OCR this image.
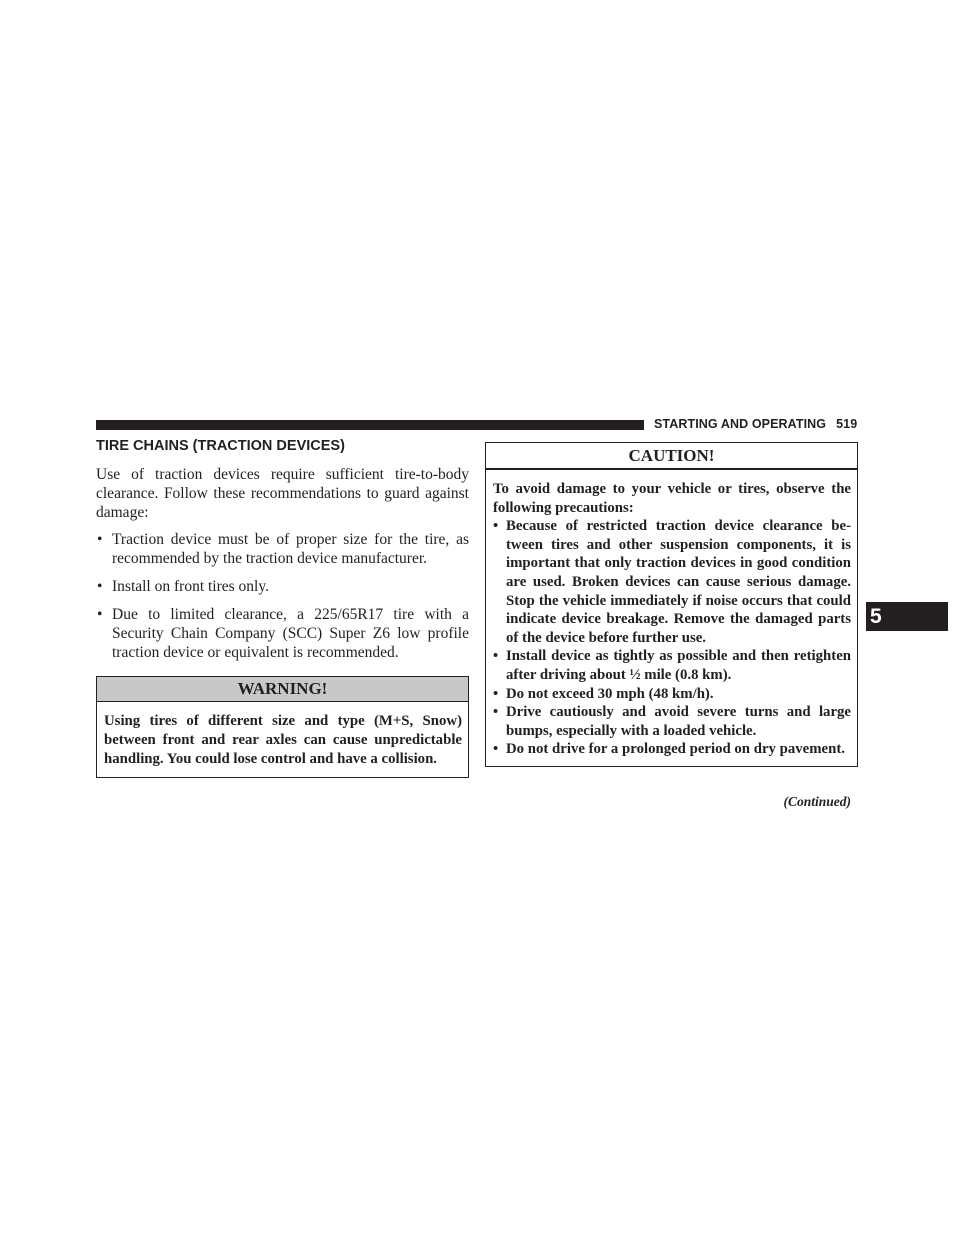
STARTING AND OPERATING 519
TIRE CHAINS (TRACTION DEVICES)

Use of traction devices require sufficient tire-to-body clearance. Follow these recommendations to guard against damage:

• Traction device must be of proper size for the tire, as recommended by the traction device manufacturer.
• Install on front tires only.
• Due to limited clearance, a 225/65R17 tire with a Security Chain Company (SCC) Super Z6 low profile traction device or equivalent is recommended.
WARNING!
Using tires of different size and type (M+S, Snow) between front and rear axles can cause unpredictable handling. You could lose control and have a collision.
CAUTION!

To avoid damage to your vehicle or tires, observe the following precautions:

• Because of restricted traction device clearance between tires and other suspension components, it is important that only traction devices in good condition are used. Broken devices can cause serious damage. Stop the vehicle immediately if noise occurs that could indicate device breakage. Remove the damaged parts of the device before further use.
• Install device as tightly as possible and then retighten after driving about ½ mile (0.8 km).
• Do not exceed 30 mph (48 km/h).
• Drive cautiously and avoid severe turns and large bumps, especially with a loaded vehicle.
• Do not drive for a prolonged period on dry pavement.
(Continued)
5
